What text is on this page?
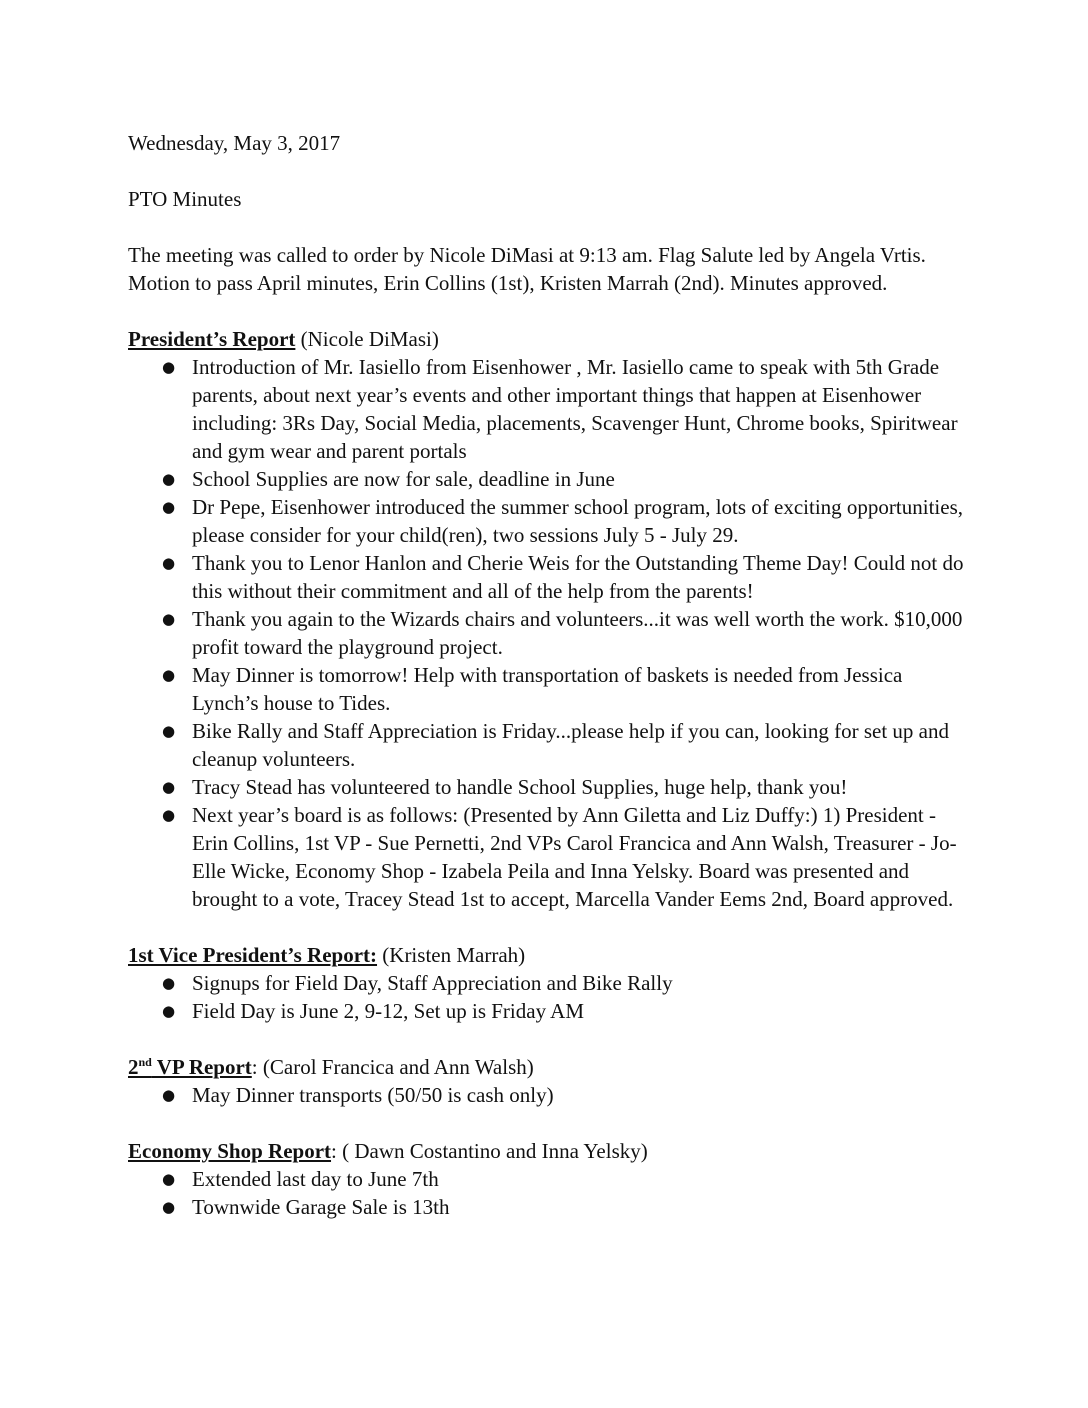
Wednesday, May 3, 2017

PTO Minutes

The meeting was called to order by Nicole DiMasi at 9:13 am. Flag Salute led by Angela Vrtis. Motion to pass April minutes, Erin Collins (1st), Kristen Marrah (2nd). Minutes approved.

President’s Report (Nicole DiMasi)

● Introduction of Mr. Iasiello from Eisenhower , Mr. Iasiello came to speak with 5th Grade parents, about next year’s events and other important things that happen at Eisenhower including: 3Rs Day, Social Media, placements, Scavenger Hunt, Chrome books, Spiritwear and gym wear and parent portals
● School Supplies are now for sale, deadline in June
● Dr Pepe, Eisenhower introduced the summer school program, lots of exciting opportunities, please consider for your child(ren), two sessions July 5 - July 29.
● Thank you to Lenor Hanlon and Cherie Weis for the Outstanding Theme Day! Could not do this without their commitment and all of the help from the parents!
● Thank you again to the Wizards chairs and volunteers...it was well worth the work. $10,000 profit toward the playground project.
● May Dinner is tomorrow! Help with transportation of baskets is needed from Jessica Lynch’s house to Tides.
● Bike Rally and Staff Appreciation is Friday...please help if you can, looking for set up and cleanup volunteers.
● Tracy Stead has volunteered to handle School Supplies, huge help, thank you!
● Next year’s board is as follows: (Presented by Ann Giletta and Liz Duffy:) 1) President - Erin Collins, 1st VP - Sue Pernetti, 2nd VPs Carol Francica and Ann Walsh, Treasurer - Jo-Elle Wicke, Economy Shop - Izabela Peila and Inna Yelsky. Board was presented and brought to a vote, Tracey Stead 1st to accept, Marcella Vander Eems 2nd, Board approved.

1st Vice President’s Report: (Kristen Marrah)

● Signups for Field Day, Staff Appreciation and Bike Rally
● Field Day is June 2, 9-12, Set up is Friday AM

2nd VP Report: (Carol Francica and Ann Walsh)

● May Dinner transports (50/50 is cash only)

Economy Shop Report: ( Dawn Costantino and Inna Yelsky)

● Extended last day to June 7th
● Townwide Garage Sale is 13th
